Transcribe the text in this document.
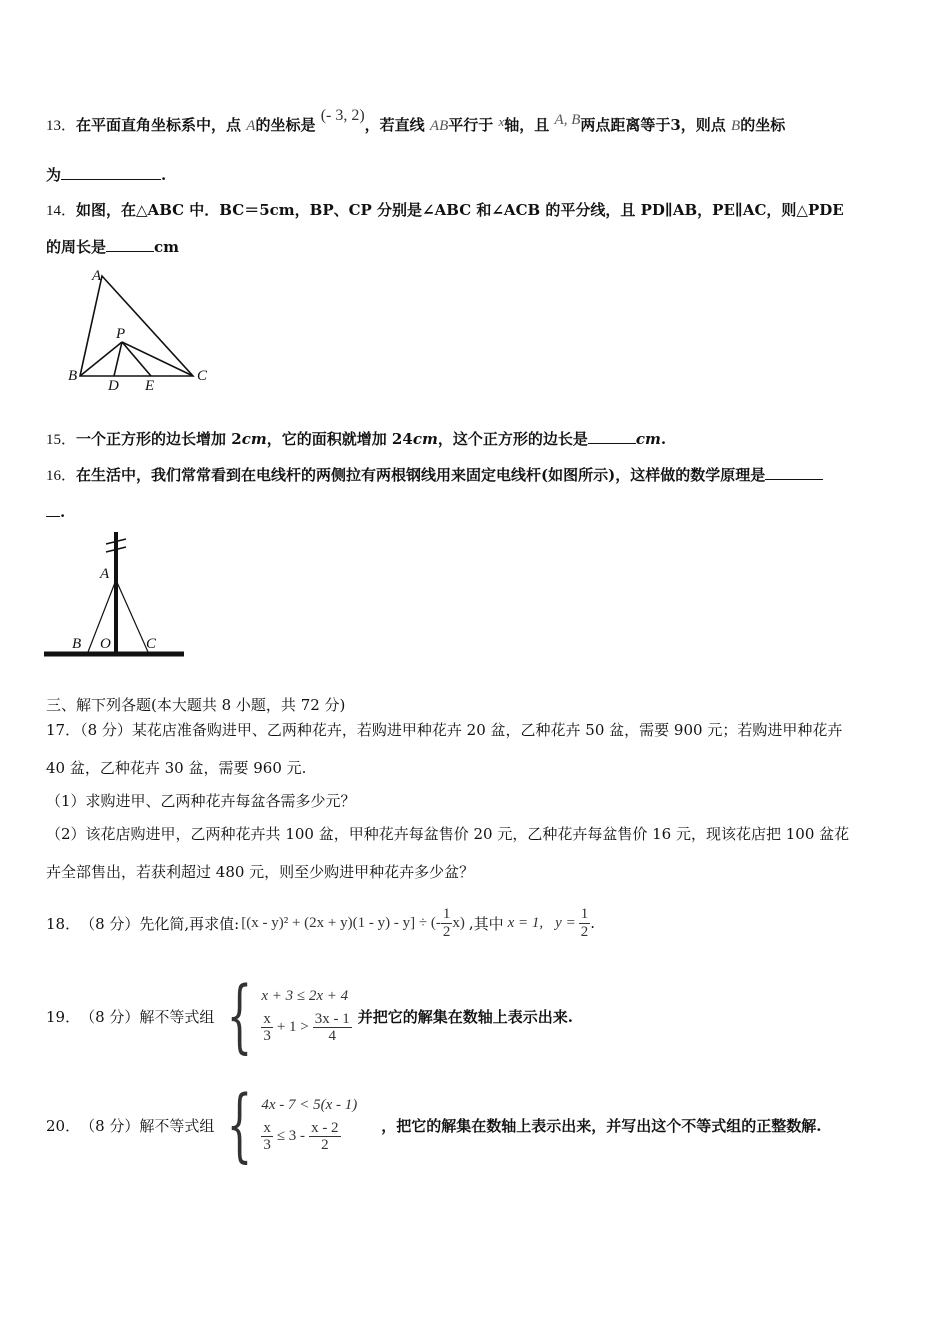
13．在平面直角坐标系中，点 A的坐标是 (- 3, 2)，若直线 AB平行于 x轴，且 A, B两点距离等于3，则点 B的坐标
为	.
14．如图，在△ABC 中．BC＝5cm，BP、CP 分别是∠ABC 和∠ACB 的平分线，且 PD∥AB，PE∥AC，则△PDE
的周长是	cm
A
P
B
D E
C
15．一个正方形的边长增加 2cm，它的面积就增加 24cm，这个正方形的边长是	cm.
16．在生活中，我们常常看到在电线杆的两侧拉有两根钢线用来固定电线杆(如图所示)，这样做的数学原理是
.
A
B O C
三、解下列各题(本大题共 8 小题，共 72 分)
17．（8 分）某花店准备购进甲、乙两种花卉，若购进甲种花卉 20 盆，乙种花卉 50 盆，需要 900 元；若购进甲种花卉
40 盆，乙种花卉 30 盆，需要 960 元.
（1）求购进甲、乙两种花卉每盆各需多少元？
（2）该花店购进甲，乙两种花卉共 100 盆，甲种花卉每盆售价 20 元，乙种花卉每盆售价 16 元，现该花店把 100 盆花
卉全部售出，若获利超过 480 元，则至少购进甲种花卉多少盆？
18． （8 分） 先化简,再求值: [(x - y)² + (2x + y)(1 - y) - y] ÷ (- $\frac{1}{2} x$) , 其中 x = 1, $y = \frac{1}{2}$ .
19． （8 分） 解不等式组 { x + 3 ≤ 2x + 4
$\frac{x}{3} + 1 > \frac{3x - 1}{4}$ 并把它的解集在数轴上表示出来.
20． （8 分） 解不等式组 { 4x - 7 < 5(x - 1)
$\frac{x}{3} \le 3 - \frac{x - 2}{2}$	，把它的解集在数轴上表示出来，并写出这个不等式组的正整数解.
